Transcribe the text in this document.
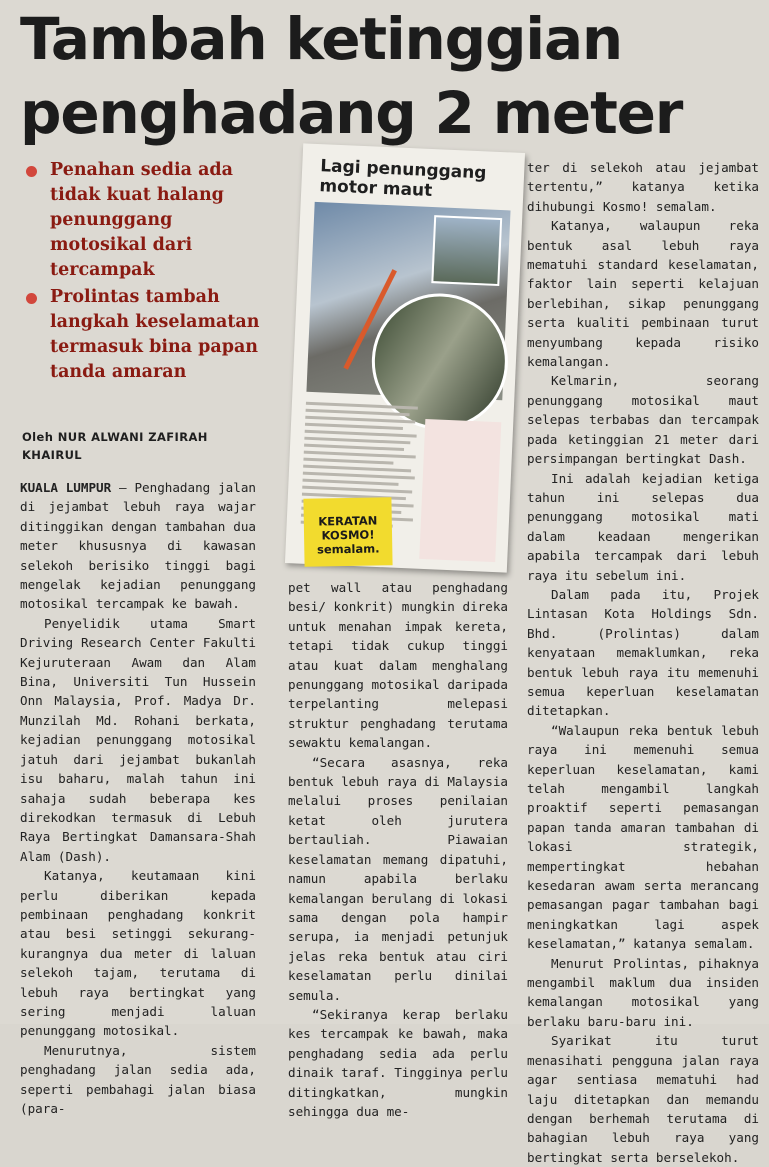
Tambah ketinggian
penghadang 2 meter
Penahan sedia ada tidak kuat halang penunggang motosikal dari tercampak
Prolintas tambah langkah keselamatan termasuk bina papan tanda amaran
Oleh NUR ALWANI ZAFIRAH KHAIRUL
Lagi penunggang motor maut
KERATAN KOSMO! semalam.

KUALA LUMPUR – Penghadang jalan di jejambat lebuh raya wajar ditinggikan dengan tambahan dua meter khususnya di kawasan selekoh berisiko tinggi bagi mengelak kejadian penunggang motosikal tercampak ke bawah.

Penyelidik utama Smart Driving Research Center Fakulti Kejuruteraan Awam dan Alam Bina, Universiti Tun Hussein Onn Malaysia, Prof. Madya Dr. Munzilah Md. Rohani berkata, kejadian penunggang motosikal jatuh dari jejambat bukanlah isu baharu, malah tahun ini sahaja sudah beberapa kes direkodkan termasuk di Lebuh Raya Bertingkat Damansara-Shah Alam (Dash).

Katanya, keutamaan kini perlu diberikan kepada pembinaan penghadang konkrit atau besi setinggi sekurang-kurangnya dua meter di laluan selekoh tajam, terutama di lebuh raya bertingkat yang sering menjadi laluan penunggang motosikal.

Menurutnya, sistem penghadang jalan sedia ada, seperti pembahagi jalan biasa (para-

pet wall atau penghadang besi/ konkrit) mungkin direka untuk menahan impak kereta, tetapi tidak cukup tinggi atau kuat dalam menghalang penunggang motosikal daripada terpelanting melepasi struktur penghadang terutama sewaktu kemalangan.

“Secara asasnya, reka bentuk lebuh raya di Malaysia melalui proses penilaian ketat oleh jurutera bertauliah. Piawaian keselamatan memang dipatuhi, namun apabila berlaku kemalangan berulang di lokasi sama dengan pola hampir serupa, ia menjadi petunjuk jelas reka bentuk atau ciri keselamatan perlu dinilai semula.

“Sekiranya kerap berlaku kes tercampak ke bawah, maka penghadang sedia ada perlu dinaik taraf. Tingginya perlu ditingkatkan, mungkin sehingga dua me-

ter di selekoh atau jejambat tertentu,” katanya ketika dihubungi Kosmo! semalam.

Katanya, walaupun reka bentuk asal lebuh raya mematuhi standard keselamatan, faktor lain seperti kelajuan berlebihan, sikap penunggang serta kualiti pembinaan turut menyumbang kepada risiko kemalangan.

Kelmarin, seorang penunggang motosikal maut selepas terbabas dan tercampak pada ketinggian 21 meter dari persimpangan bertingkat Dash.

Ini adalah kejadian ketiga tahun ini selepas dua penunggang motosikal mati dalam keadaan mengerikan apabila tercampak dari lebuh raya itu sebelum ini.

Dalam pada itu, Projek Lintasan Kota Holdings Sdn. Bhd. (Prolintas) dalam kenyataan memaklumkan, reka bentuk lebuh raya itu memenuhi semua keperluan keselamatan ditetapkan.

“Walaupun reka bentuk lebuh raya ini memenuhi semua keperluan keselamatan, kami telah mengambil langkah proaktif seperti pemasangan papan tanda amaran tambahan di lokasi strategik, mempertingkat hebahan kesedaran awam serta merancang pemasangan pagar tambahan bagi meningkatkan lagi aspek keselamatan,” katanya semalam.

Menurut Prolintas, pihaknya mengambil maklum dua insiden kemalangan motosikal yang berlaku baru-baru ini.

Syarikat itu turut menasihati pengguna jalan raya agar sentiasa mematuhi had laju ditetapkan dan memandu dengan berhemah terutama di bahagian lebuh raya yang bertingkat serta berselekoh.
